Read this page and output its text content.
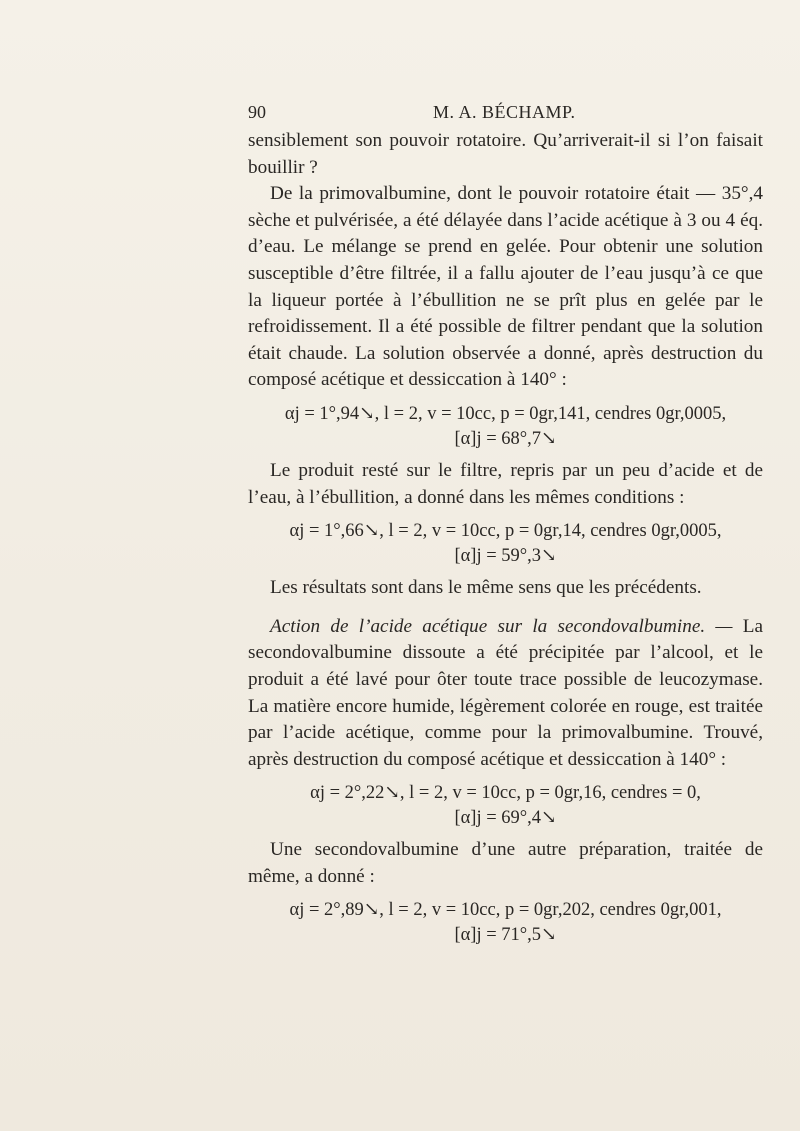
90	M. A. BÉCHAMP.

sensiblement son pouvoir rotatoire. Qu’arriverait-il si l’on faisait bouillir ?

De la primovalbumine, dont le pouvoir rotatoire était — 35°,4 sèche et pulvérisée, a été délayée dans l’acide acétique à 3 ou 4 éq. d’eau. Le mélange se prend en gelée. Pour obtenir une solution susceptible d’être filtrée, il a fallu ajouter de l’eau jusqu’à ce que la liqueur portée à l’ébullition ne se prît plus en gelée par le refroidissement. Il a été possible de filtrer pendant que la solution était chaude. La solution observée a donné, après destruction du composé acétique et dessiccation à 140° :

αj = 1°,94↘, l = 2, v = 10cc, p = 0gr,141, cendres 0gr,0005,

[α]j = 68°,7↘

Le produit resté sur le filtre, repris par un peu d’acide et de l’eau, à l’ébullition, a donné dans les mêmes conditions :

αj = 1°,66↘, l = 2, v = 10cc, p = 0gr,14, cendres 0gr,0005,

[α]j = 59°,3↘

Les résultats sont dans le même sens que les précédents.

Action de l’acide acétique sur la secondovalbumine. — La secondovalbumine dissoute a été précipitée par l’alcool, et le produit a été lavé pour ôter toute trace possible de leucozymase. La matière encore humide, légèrement colorée en rouge, est traitée par l’acide acétique, comme pour la primovalbumine. Trouvé, après destruction du composé acétique et dessiccation à 140° :

αj = 2°,22↘, l = 2, v = 10cc, p = 0gr,16, cendres = 0,

[α]j = 69°,4↘

Une secondovalbumine d’une autre préparation, traitée de même, a donné :

αj = 2°,89↘, l = 2, v = 10cc, p = 0gr,202, cendres 0gr,001,

[α]j = 71°,5↘
